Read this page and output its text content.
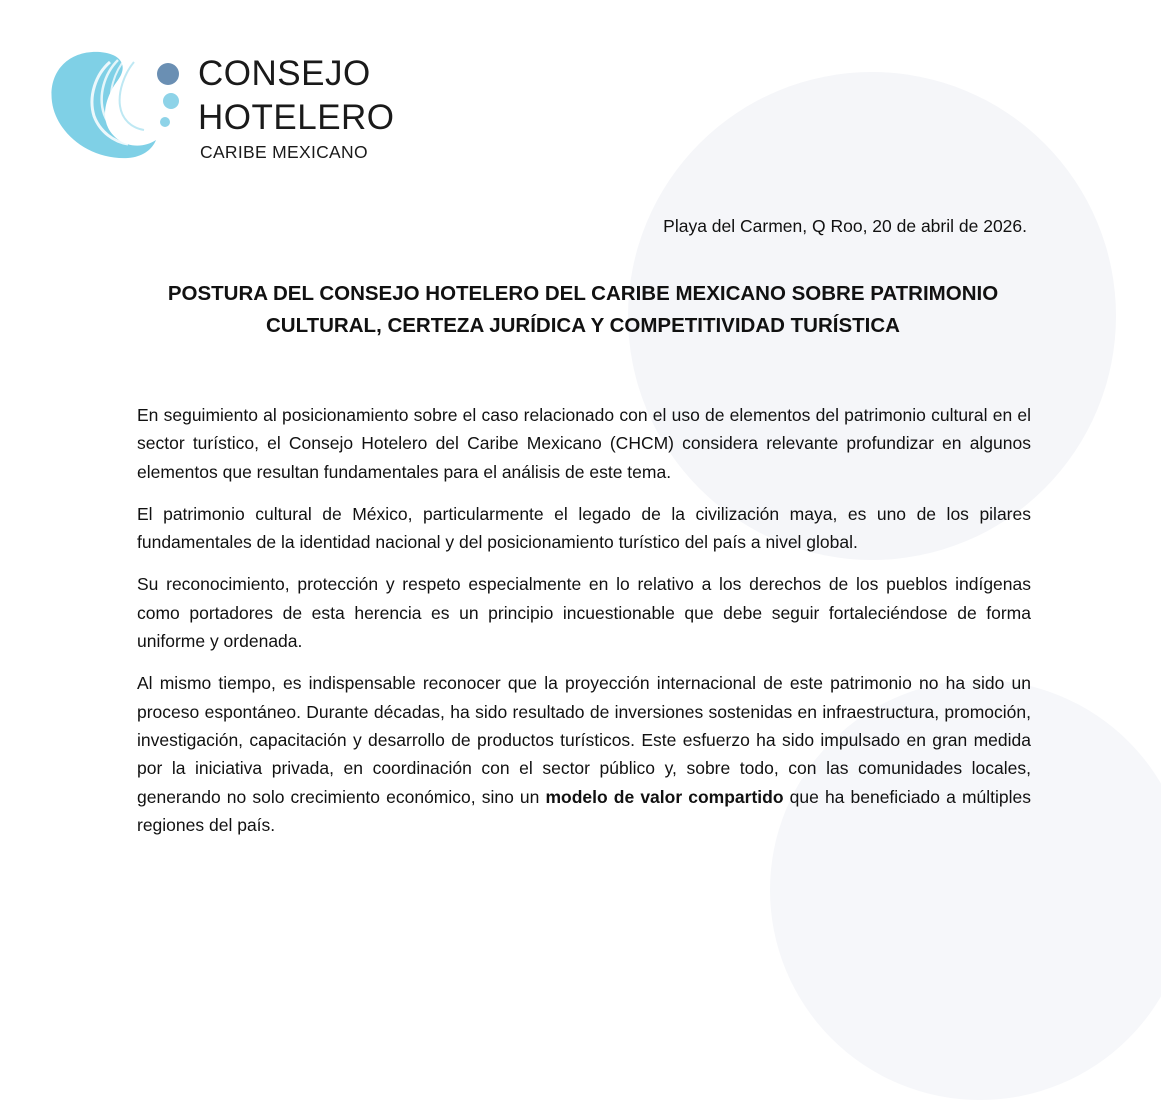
CONSEJO
HOTELERO
CARIBE MEXICANO
Playa del Carmen, Q Roo, 20 de abril de 2026.
POSTURA DEL CONSEJO HOTELERO DEL CARIBE MEXICANO SOBRE PATRIMONIO
CULTURAL, CERTEZA JURÍDICA Y COMPETITIVIDAD TURÍSTICA

En seguimiento al posicionamiento sobre el caso relacionado con el uso de elementos del patrimonio cultural en el sector turístico, el Consejo Hotelero del Caribe Mexicano (CHCM) considera relevante profundizar en algunos elementos que resultan fundamentales para el análisis de este tema.

El patrimonio cultural de México, particularmente el legado de la civilización maya, es uno de los pilares fundamentales de la identidad nacional y del posicionamiento turístico del país a nivel global.

Su reconocimiento, protección y respeto especialmente en lo relativo a los derechos de los pueblos indígenas como portadores de esta herencia es un principio incuestionable que debe seguir fortaleciéndose de forma uniforme y ordenada.

Al mismo tiempo, es indispensable reconocer que la proyección internacional de este patrimonio no ha sido un proceso espontáneo. Durante décadas, ha sido resultado de inversiones sostenidas en infraestructura, promoción, investigación, capacitación y desarrollo de productos turísticos. Este esfuerzo ha sido impulsado en gran medida por la iniciativa privada, en coordinación con el sector público y, sobre todo, con las comunidades locales, generando no solo crecimiento económico, sino un modelo de valor compartido que ha beneficiado a múltiples regiones del país.
